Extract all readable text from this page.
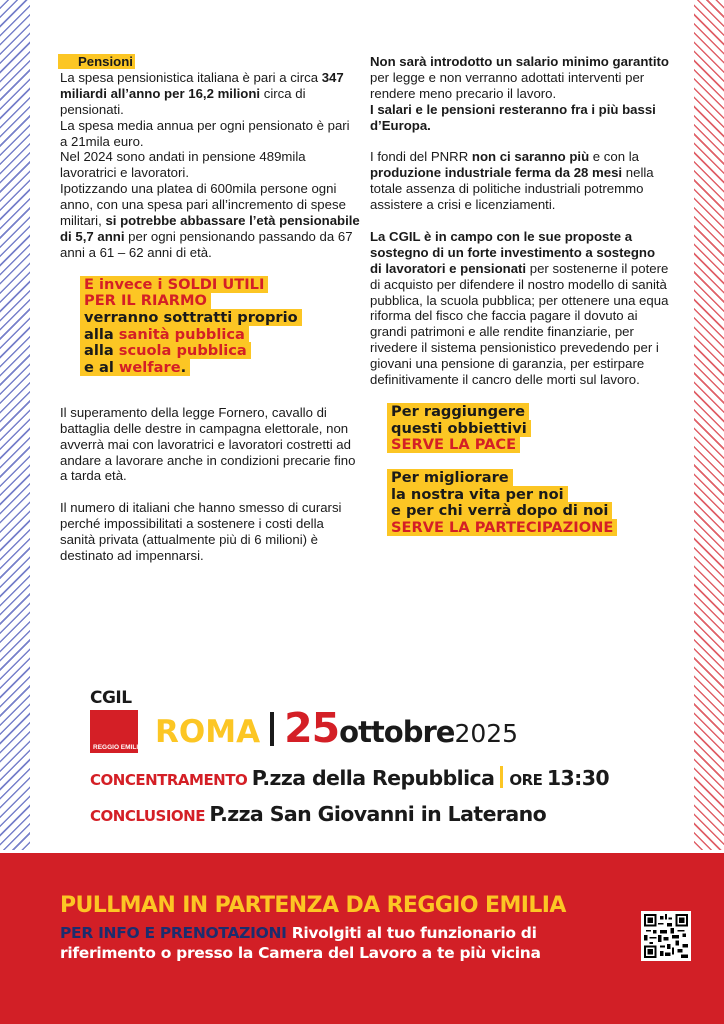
Pensioni

La spesa pensionistica italiana è pari a circa 347 miliardi all’anno per 16,2 milioni circa di pensionati.

La spesa media annua per ogni pensionato è pari a 21mila euro.

Nel 2024 sono andati in pensione 489mila lavoratrici e lavoratori.

Ipotizzando una platea di 600mila persone ogni anno, con una spesa pari all’incremento di spese militari, si potrebbe abbassare l’età pensionabile di 5,7 anni per ogni pensionando passando da 67 anni a 61 – 62 anni di età.

E invece i SOLDI UTILI
PER IL RIARMO
verranno sottratti proprio
alla sanità pubblica
alla scuola pubblica
e al welfare.

Il superamento della legge Fornero, cavallo di battaglia delle destre in campagna elettorale, non avverrà mai con lavoratrici e lavoratori costretti ad andare a lavorare anche in condizioni precarie fino a tarda età.

Il numero di italiani che hanno smesso di curarsi perché impossibilitati a sostenere i costi della sanità privata (attualmente più di 6 milioni) è destinato ad impennarsi.

Non sarà introdotto un salario minimo garantito per legge e non verranno adottati interventi per rendere meno precario il lavoro.

I salari e le pensioni resteranno fra i più bassi d’Europa.

I fondi del PNRR non ci saranno più e con la produzione industriale ferma da 28 mesi nella totale assenza di politiche industriali potremmo assistere a crisi e licenziamenti.

La CGIL è in campo con le sue proposte a sostegno di un forte investimento a sostegno di lavoratori e pensionati per sostenerne il potere di acquisto per difendere il nostro modello di sanità pubblica, la scuola pubblica; per ottenere una equa riforma del fisco che faccia pagare il dovuto ai grandi patrimoni e alle rendite finanziarie, per rivedere il sistema pensionistico prevedendo per i giovani una pensione di garanzia, per estirpare definitivamente il cancro delle morti sul lavoro.

Per raggiungere
questi obbiettivi
SERVE LA PACE
Per migliorare
la nostra vita per noi
e per chi verrà dopo di noi
SERVE LA PARTECIPAZIONE
CGIL
REGGIO EMILIA ROMA 25ottobre2025
CONCENTRAMENTO P.zza della Repubblica ORE 13:30
CONCLUSIONE P.zza San Giovanni in Laterano
PULLMAN IN PARTENZA DA REGGIO EMILIA
PER INFO E PRENOTAZIONI Rivolgiti al tuo funzionario di riferimento o presso la Camera del Lavoro a te più vicina
